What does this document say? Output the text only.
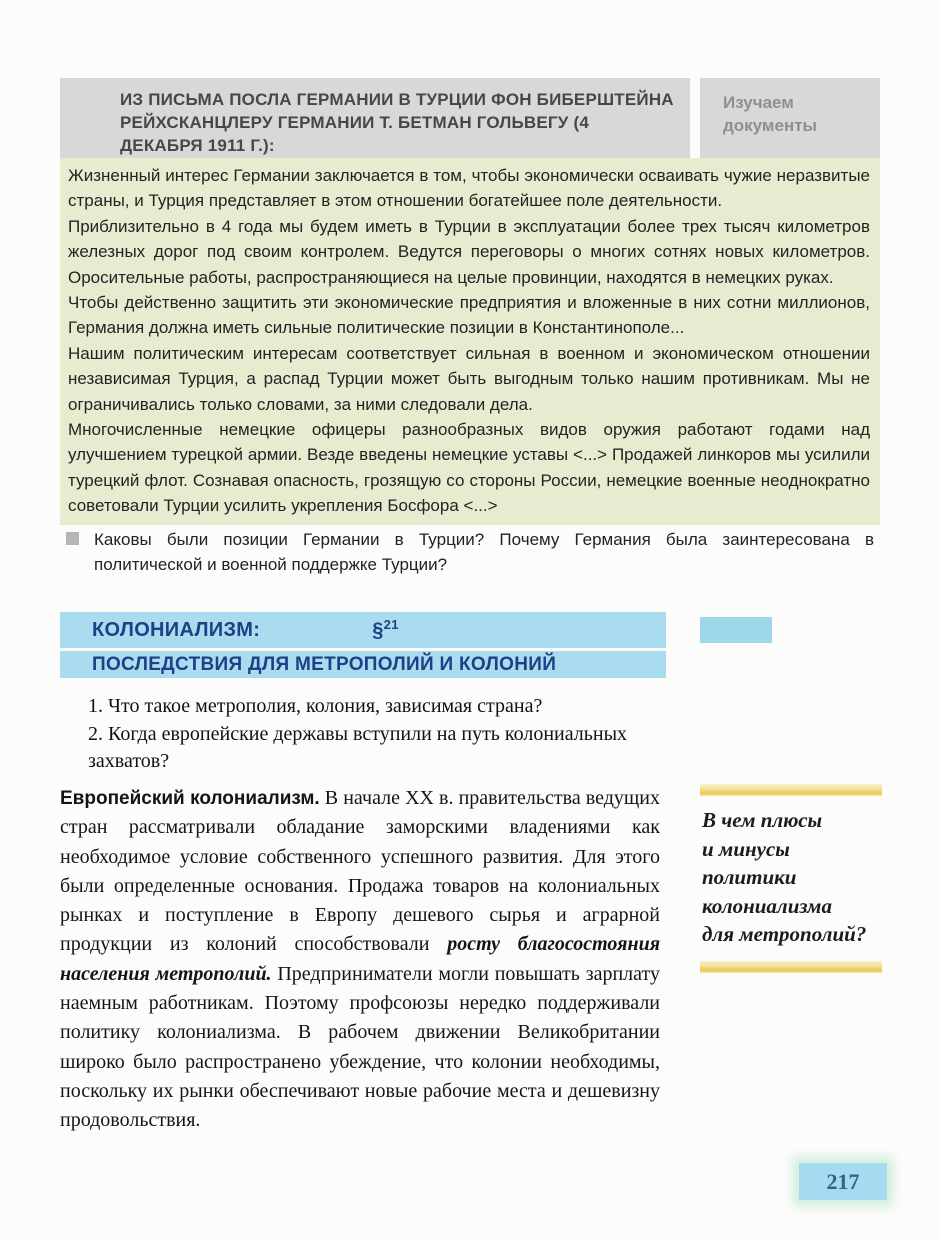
ИЗ ПИСЬМА ПОСЛА ГЕРМАНИИ В ТУРЦИИ ФОН БИБЕРШТЕЙНА РЕЙХСКАНЦЛЕРУ ГЕРМАНИИ Т. БЕТМАН ГОЛЬВЕГУ (4 ДЕКАБРЯ 1911 Г.):
Изучаем
документы

Жизненный интерес Германии заключается в том, чтобы экономически осваивать чужие неразвитые страны, и Турция представляет в этом отношении богатейшее поле деятельности.

Приблизительно в 4 года мы будем иметь в Турции в эксплуатации более трех тысяч километров железных дорог под своим контролем. Ведутся переговоры о многих сотнях новых километров. Оросительные работы, распространяющиеся на целые провинции, находятся в немецких руках.

Чтобы действенно защитить эти экономические предприятия и вложенные в них сотни миллионов, Германия должна иметь сильные политические позиции в Константинополе...

Нашим политическим интересам соответствует сильная в военном и экономическом отношении независимая Турция, а распад Турции может быть выгодным только нашим противникам. Мы не ограничивались только словами, за ними следовали дела.

Многочисленные немецкие офицеры разнообразных видов оружия работают годами над улучшением турецкой армии. Везде введены немецкие уставы <...> Продажей линкоров мы усилили турецкий флот. Сознавая опасность, грозящую со стороны России, немецкие военные неоднократно советовали Турции усилить укрепления Босфора <...>

Каковы были позиции Германии в Турции? Почему Германия была заинтересована в политической и военной поддержке Турции?
КОЛОНИАЛИЗМ:	§$^{21}$
ПОСЛЕДСТВИЯ ДЛЯ МЕТРОПОЛИЙ И КОЛОНИЙ
1. Что такое метрополия, колония, зависимая страна?
2. Когда европейские державы вступили на путь колониальных захватов?
Европейский колониализм. В начале XX в. правительства ведущих стран рассматривали обладание заморскими владениями как необходимое условие собственного успешного развития. Для этого были определенные основания. Продажа товаров на колониальных рынках и поступление в Европу дешевого сырья и аграрной продукции из колоний способствовали росту благосостояния населения метрополий. Предприниматели могли повышать зарплату наемным работникам. Поэтому профсоюзы нередко поддерживали политику колониализма. В рабочем движении Великобритании широко было распространено убеждение, что колонии необходимы, поскольку их рынки обеспечивают новые рабочие места и дешевизну продовольствия.
В чем плюсы
и минусы
политики
колониализма
для метрополий?
217
